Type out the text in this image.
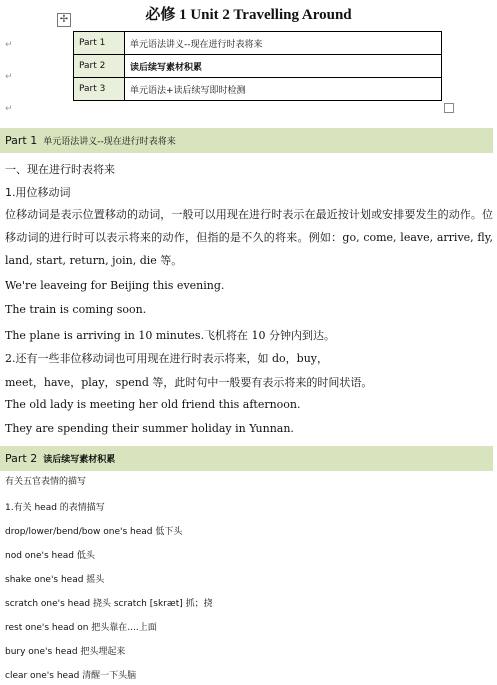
✢	必修 1 Unit 2 Travelling Around
↵
↵
↵
Part 1	单元语法讲义--现在进行时表将来
Part 2	读后续写素材积累
Part 3	单元语法+读后续写即时检测
Part 1 单元语法讲义--现在进行时表将来
一、现在进行时表将来
1.用位移动词
位移动词是表示位置移动的动词，一般可以用现在进行时表示在最近按计划或安排要发生的动作。位移动词的进行时可以表示将来的动作，但指的是不久的将来。例如：go, come, leave, arrive, fly, land, start, return, join, die 等。
We're leaveing for Beijing this evening.
The train is coming soon.
The plane is arriving in 10 minutes.飞机将在 10 分钟内到达。
2.还有一些非位移动词也可用现在进行时表示将来，如 do，buy，
meet，have，play，spend 等，此时句中一般要有表示将来的时间状语。
The old lady is meeting her old friend this afternoon.
They are spending their summer holiday in Yunnan.
Part 2 读后续写素材积累
有关五官表情的描写
1.有关 head 的表情描写
drop/lower/bend/bow one's head 低下头
nod one's head 低头
shake one's head 摇头
scratch one's head 挠头 scratch [skræt] 抓；挠
rest one's head on 把头靠在....上面
bury one's head 把头埋起来
clear one's head 清醒一下头脑
